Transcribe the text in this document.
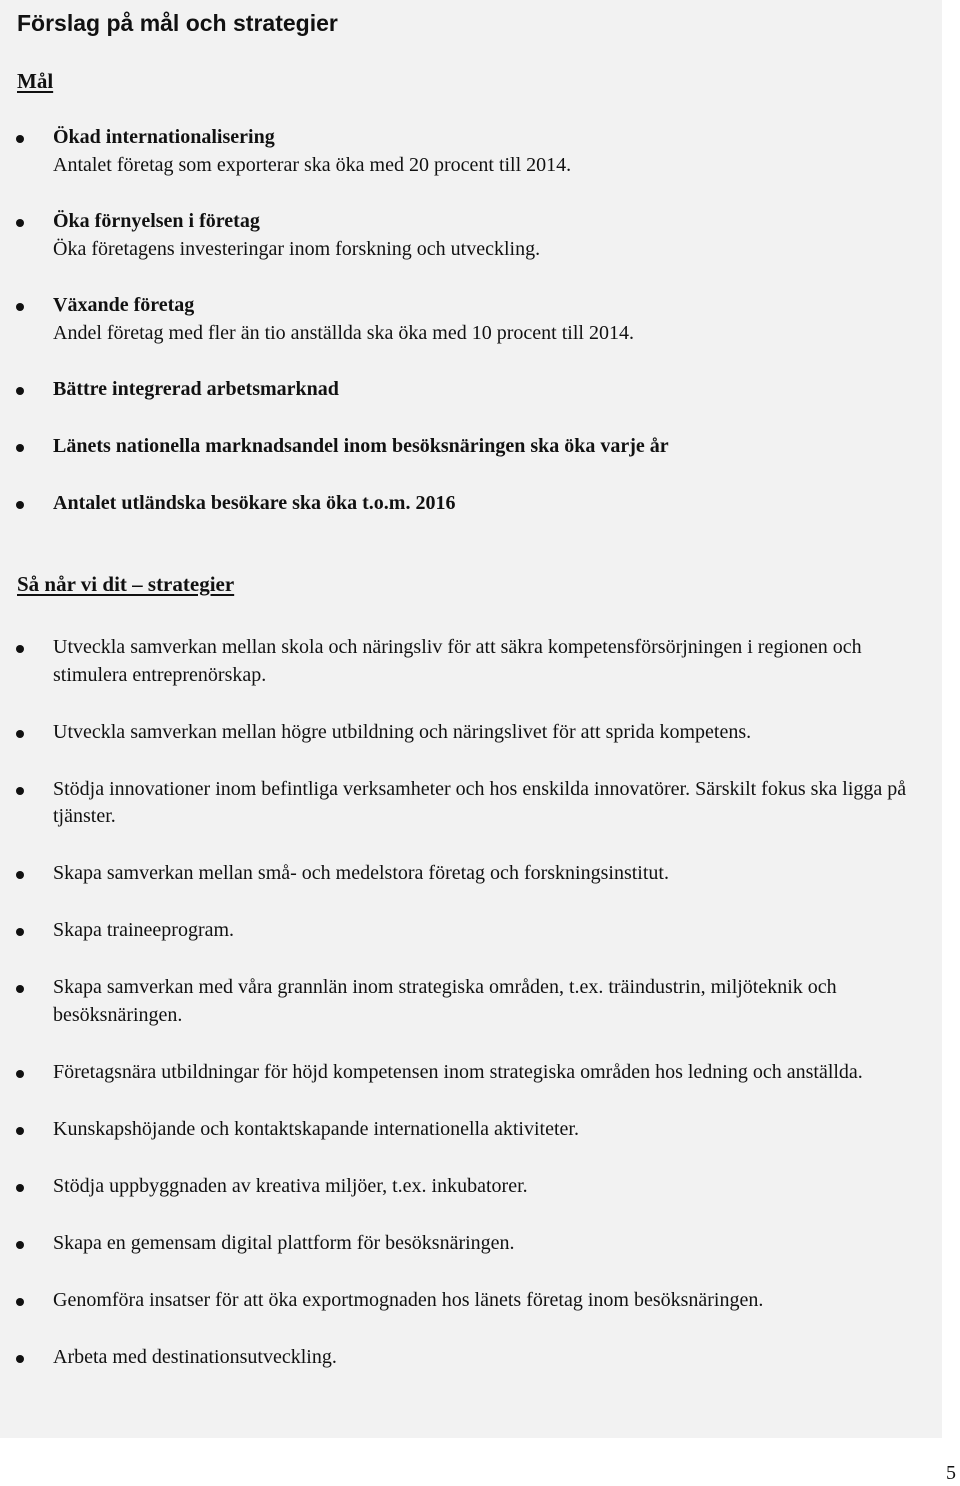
Förslag på mål och strategier
Mål
Ökad internationalisering
Antalet företag som exporterar ska öka med 20 procent till 2014.
Öka förnyelsen i företag
Öka företagens investeringar inom forskning och utveckling.
Växande företag
Andel företag med fler än tio anställda ska öka med 10 procent till 2014.
Bättre integrerad arbetsmarknad
Länets nationella marknadsandel inom besöksnäringen ska öka varje år
Antalet utländska besökare ska öka t.o.m. 2016
Så når vi dit – strategier
Utveckla samverkan mellan skola och näringsliv för att säkra kompetensförsörjningen i regionen och stimulera entreprenörskap.
Utveckla samverkan mellan högre utbildning och näringslivet för att sprida kompetens.
Stödja innovationer inom befintliga verksamheter och hos enskilda innovatörer. Särskilt fokus ska ligga på tjänster.
Skapa samverkan mellan små- och medelstora företag och forskningsinstitut.
Skapa traineeprogram.
Skapa samverkan med våra grannlän inom strategiska områden, t.ex. träindustrin, miljöteknik och besöksnäringen.
Företagsnära utbildningar för höjd kompetensen inom strategiska områden hos ledning och anställda.
Kunskapshöjande och kontaktskapande internationella aktiviteter.
Stödja uppbyggnaden av kreativa miljöer, t.ex. inkubatorer.
Skapa en gemensam digital plattform för besöksnäringen.
Genomföra insatser för att öka exportmognaden hos länets företag inom besöksnäringen.
Arbeta med destinationsutveckling.
5
